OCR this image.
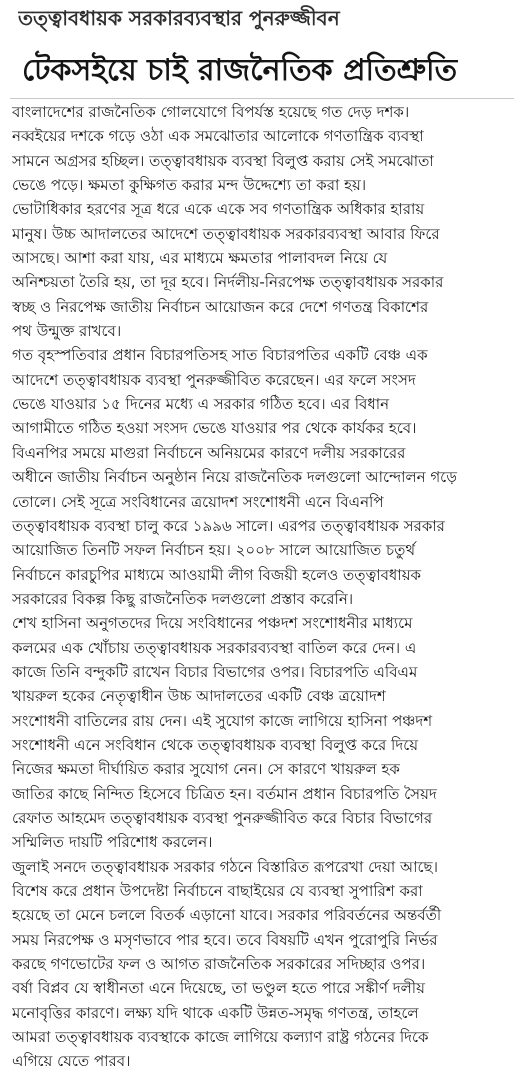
তত্ত্বাবধায়ক সরকারব্যবস্থার পুনরুজ্জীবন
টেকসইয়ে চাই রাজনৈতিক প্রতিশ্রুতি
বাংলাদেশের রাজনৈতিক গোলযোগে বিপর্যস্ত হয়েছে গত দেড় দশক।
নব্বইয়ের দশকে গড়ে ওঠা এক সমঝোতার আলোকে গণতান্ত্রিক ব্যবস্থা
সামনে অগ্রসর হচ্ছিল। তত্ত্বাবধায়ক ব্যবস্থা বিলুপ্ত করায় সেই সমঝোতা
ভেঙে পড়ে। ক্ষমতা কুক্ষিগত করার মন্দ উদ্দেশ্যে তা করা হয়।
ভোটাধিকার হরণের সূত্র ধরে একে একে সব গণতান্ত্রিক অধিকার হারায়
মানুষ। উচ্চ আদালতের আদেশে তত্ত্বাবধায়ক সরকারব্যবস্থা আবার ফিরে
আসছে। আশা করা যায়, এর মাধ্যমে ক্ষমতার পালাবদল নিয়ে যে
অনিশ্চয়তা তৈরি হয়, তা দূর হবে। নির্দলীয়-নিরপেক্ষ তত্ত্বাবধায়ক সরকার
স্বচ্ছ ও নিরপেক্ষ জাতীয় নির্বাচন আয়োজন করে দেশে গণতন্ত্র বিকাশের
পথ উন্মুক্ত রাখবে।
গত বৃহস্পতিবার প্রধান বিচারপতিসহ সাত বিচারপতির একটি বেঞ্চ এক
আদেশে তত্ত্বাবধায়ক ব্যবস্থা পুনরুজ্জীবিত করেছেন। এর ফলে সংসদ
ভেঙে যাওয়ার ১৫ দিনের মধ্যে এ সরকার গঠিত হবে। এর বিধান
আগামীতে গঠিত হওয়া সংসদ ভেঙে যাওয়ার পর থেকে কার্যকর হবে।
বিএনপির সময়ে মাগুরা নির্বাচনে অনিয়মের কারণে দলীয় সরকারের
অধীনে জাতীয় নির্বাচন অনুষ্ঠান নিয়ে রাজনৈতিক দলগুলো আন্দোলন গড়ে
তোলে। সেই সূত্রে সংবিধানের ত্রয়োদশ সংশোধনী এনে বিএনপি
তত্ত্বাবধায়ক ব্যবস্থা চালু করে ১৯৯৬ সালে। এরপর তত্ত্বাবধায়ক সরকার
আয়োজিত তিনটি সফল নির্বাচন হয়। ২০০৮ সালে আয়োজিত চতুর্থ
নির্বাচনে কারচুপির মাধ্যমে আওয়ামী লীগ বিজয়ী হলেও তত্ত্বাবধায়ক
সরকারের বিকল্প কিছু রাজনৈতিক দলগুলো প্রস্তাব করেনি।
শেখ হাসিনা অনুগতদের দিয়ে সংবিধানের পঞ্চদশ সংশোধনীর মাধ্যমে
কলমের এক খোঁচায় তত্ত্বাবধায়ক সরকারব্যবস্থা বাতিল করে দেন। এ
কাজে তিনি বন্দুকটি রাখেন বিচার বিভাগের ওপর। বিচারপতি এবিএম
খায়রুল হকের নেতৃত্বাধীন উচ্চ আদালতের একটি বেঞ্চ ত্রয়োদশ
সংশোধনী বাতিলের রায় দেন। এই সুযোগ কাজে লাগিয়ে হাসিনা পঞ্চদশ
সংশোধনী এনে সংবিধান থেকে তত্ত্বাবধায়ক ব্যবস্থা বিলুপ্ত করে দিয়ে
নিজের ক্ষমতা দীর্ঘায়িত করার সুযোগ নেন। সে কারণে খায়রুল হক
জাতির কাছে নিন্দিত হিসেবে চিত্রিত হন। বর্তমান প্রধান বিচারপতি সৈয়দ
রেফাত আহমেদ তত্ত্বাবধায়ক ব্যবস্থা পুনরুজ্জীবিত করে বিচার বিভাগের
সম্মিলিত দায়টি পরিশোধ করলেন।
জুলাই সনদে তত্ত্বাবধায়ক সরকার গঠনে বিস্তারিত রূপরেখা দেয়া আছে।
বিশেষ করে প্রধান উপদেষ্টা নির্বাচনে বাছাইয়ের যে ব্যবস্থা সুপারিশ করা
হয়েছে তা মেনে চললে বিতর্ক এড়ানো যাবে। সরকার পরিবর্তনের অন্তর্বর্তী
সময় নিরপেক্ষ ও মসৃণভাবে পার হবে। তবে বিষয়টি এখন পুরোপুরি নির্ভর
করছে গণভোটের ফল ও আগত রাজনৈতিক সরকারের সদিচ্ছার ওপর।
বর্ষা বিপ্লব যে স্বাধীনতা এনে দিয়েছে, তা ভণ্ডুল হতে পারে সঙ্কীর্ণ দলীয়
মনোবৃত্তির কারণে। লক্ষ্য যদি থাকে একটি উন্নত-সমৃদ্ধ গণতন্ত্র, তাহলে
আমরা তত্ত্বাবধায়ক ব্যবস্থাকে কাজে লাগিয়ে কল্যাণ রাষ্ট্র গঠনের দিকে
এগিয়ে যেতে পারব।
